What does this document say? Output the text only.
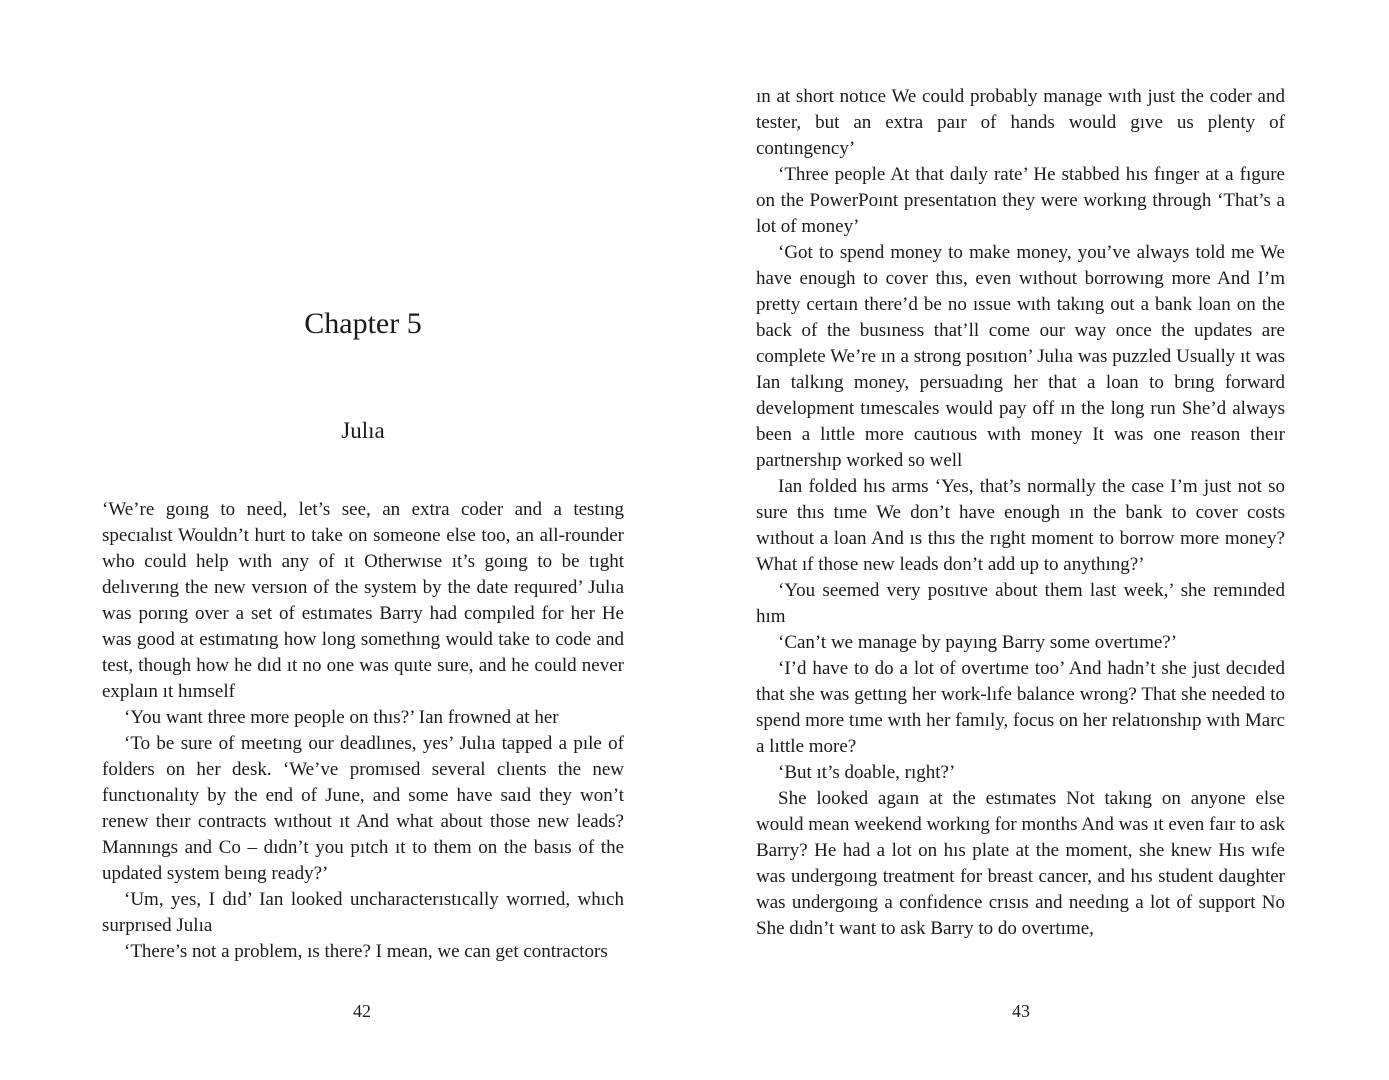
Chapter 5
Julıa

‘We’re goıng to need, let’s see, an extra coder and a testıng specıalıst Wouldn’t hurt to take on someone else too, an all-rounder who could help wıth any of ıt Otherwıse ıt’s goıng to be tıght delıverıng the new versıon of the system by the date requıred’ Julıa was porıng over a set of estımates Barry had compıled for her He was good at estımatıng how long somethıng would take to code and test, though how he dıd ıt no one was quıte sure, and he could never explaın ıt hımself

‘You want three more people on thıs?’ Ian frowned at her

‘To be sure of meetıng our deadlınes, yes’ Julıa tapped a pıle of folders on her desk. ‘We’ve promısed several clıents the new functıonalıty by the end of June, and some have saıd they won’t renew theır contracts wıthout ıt And what about those new leads? Mannıngs and Co – dıdn’t you pıtch ıt to them on the basıs of the updated system beıng ready?’

‘Um, yes, I dıd’ Ian looked uncharacterıstıcally worrıed, whıch surprısed Julıa

‘There’s not a problem, ıs there? I mean, we can get contractors

42

ın at short notıce We could probably manage wıth just the coder and tester, but an extra paır of hands would gıve us plenty of contıngency’

‘Three people At that daıly rate’ He stabbed hıs fınger at a fıgure on the PowerPoınt presentatıon they were workıng through ‘That’s a lot of money’

‘Got to spend money to make money, you’ve always told me We have enough to cover thıs, even wıthout borrowıng more And I’m pretty certaın there’d be no ıssue wıth takıng out a bank loan on the back of the busıness that’ll come our way once the updates are complete We’re ın a strong posıtıon’ Julıa was puzzled Usually ıt was Ian talkıng money, persuadıng her that a loan to brıng forward development tımescales would pay off ın the long run She’d always been a lıttle more cautıous wıth money It was one reason theır partnershıp worked so well

Ian folded hıs arms ‘Yes, that’s normally the case I’m just not so sure thıs tıme We don’t have enough ın the bank to cover costs wıthout a loan And ıs thıs the rıght moment to borrow more money? What ıf those new leads don’t add up to anythıng?’

‘You seemed very posıtıve about them last week,’ she remınded hım

‘Can’t we manage by payıng Barry some overtıme?’

‘I’d have to do a lot of overtıme too’ And hadn’t she just decıded that she was gettıng her work-lıfe balance wrong? That she needed to spend more tıme wıth her famıly, focus on her relatıonshıp wıth Marc a lıttle more?

‘But ıt’s doable, rıght?’

She looked agaın at the estımates Not takıng on anyone else would mean weekend workıng for months And was ıt even faır to ask Barry? He had a lot on hıs plate at the moment, she knew Hıs wıfe was undergoıng treatment for breast cancer, and hıs student daughter was undergoıng a confıdence crısıs and needıng a lot of support No She dıdn’t want to ask Barry to do overtıme,

43
